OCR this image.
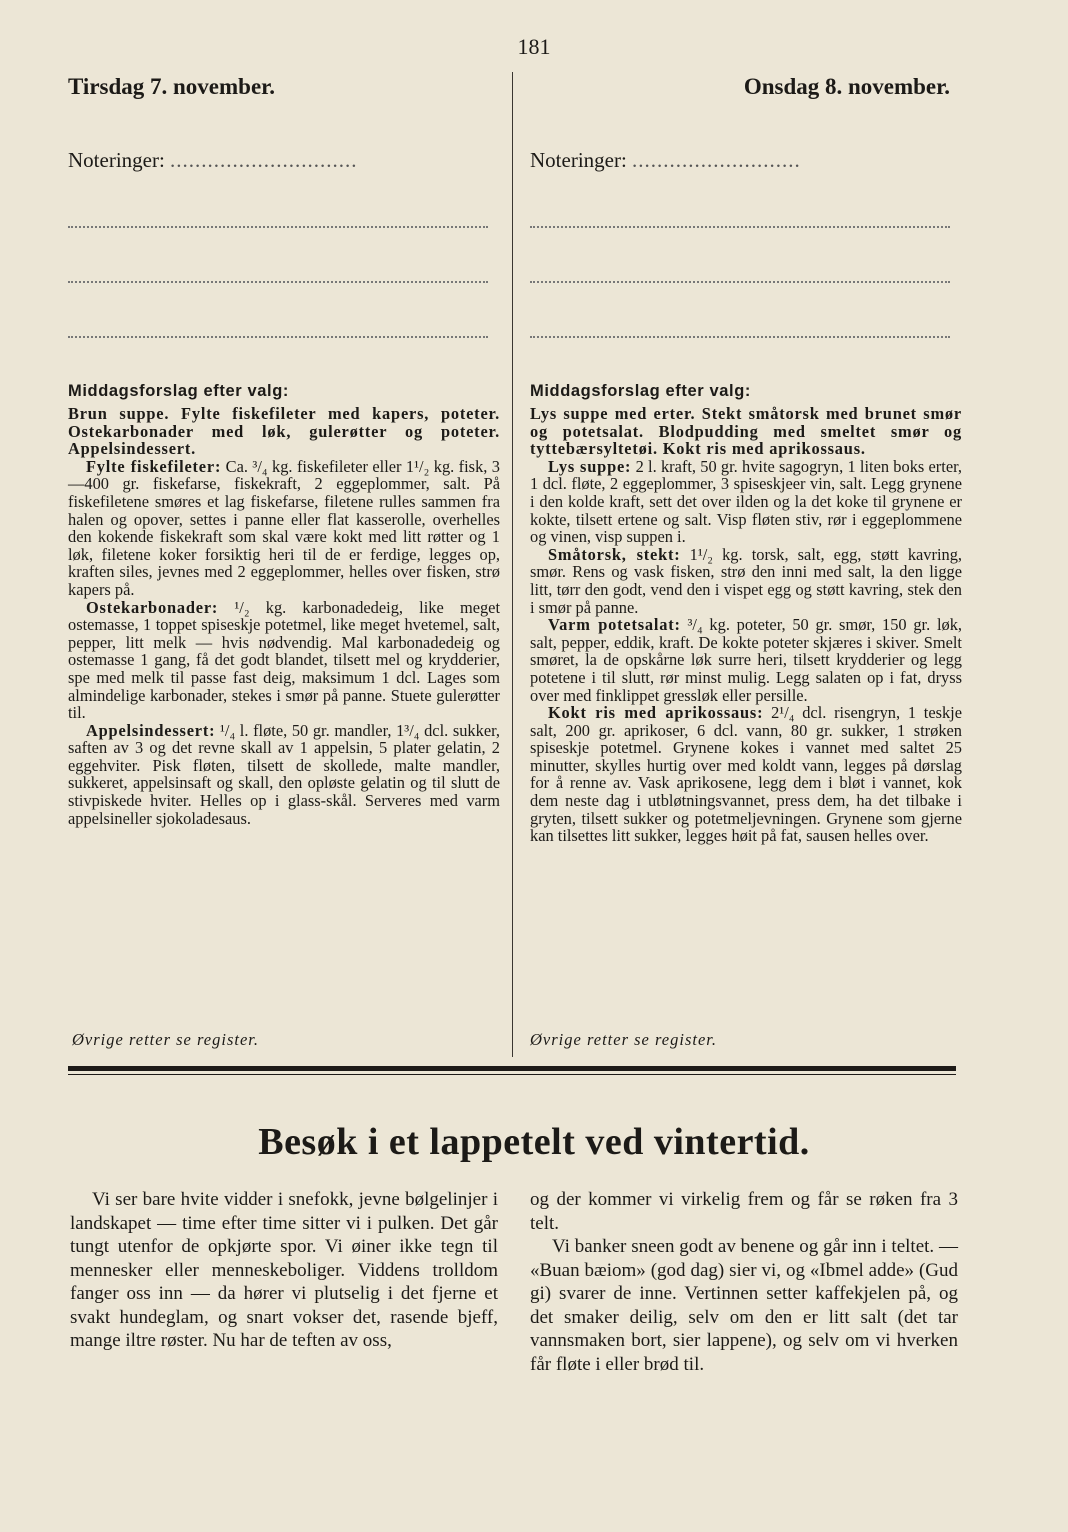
181
Tirsdag 7. november.
Noteringer: ..............................
Middagsforslag efter valg:

Brun suppe. Fylte fiskefileter med kapers, poteter. Ostekarbonader med løk, gulerøtter og poteter. Appelsindessert.

Fylte fiskefileter: Ca. ³/₄ kg. fiskefileter eller 1¹/₂ kg. fisk, 3—400 gr. fiskefarse, fiskekraft, 2 eggeplommer, salt. På fiskefiletene smøres et lag fiskefarse, filetene rulles sammen fra halen og opover, settes i panne eller flat kasserolle, overhelles den kokende fiskekraft som skal være kokt med litt røtter og 1 løk, filetene koker forsiktig heri til de er ferdige, legges op, kraften siles, jevnes med 2 eggeplommer, helles over fisken, strø kapers på.

Ostekarbonader: ¹/₂ kg. karbonadedeig, like meget ostemasse, 1 toppet spiseskje potetmel, like meget hvetemel, salt, pepper, litt melk — hvis nødvendig. Mal karbonadedeig og ostemasse 1 gang, få det godt blandet, tilsett mel og krydderier, spe med melk til passe fast deig, maksimum 1 dcl. Lages som almindelige karbonader, stekes i smør på panne. Stuete gulerøtter til.

Appelsindessert: ¹/₄ l. fløte, 50 gr. mandler, 1³/₄ dcl. sukker, saften av 3 og det revne skall av 1 appelsin, 5 plater gelatin, 2 eggehviter. Pisk fløten, tilsett de skollede, malte mandler, sukkeret, appelsinsaft og skall, den opløste gelatin og til slutt de stivpiskede hviter. Helles op i glass-skål. Serveres med varm appelsineller sjokoladesaus.

Øvrige retter se register.
Onsdag 8. november.
Noteringer: ...........................
Middagsforslag efter valg:

Lys suppe med erter. Stekt småtorsk med brunet smør og potetsalat. Blodpudding med smeltet smør og tyttebærsyltetøi. Kokt ris med aprikossaus.

Lys suppe: 2 l. kraft, 50 gr. hvite sagogryn, 1 liten boks erter, 1 dcl. fløte, 2 eggeplommer, 3 spiseskjeer vin, salt. Legg grynene i den kolde kraft, sett det over ilden og la det koke til grynene er kokte, tilsett ertene og salt. Visp fløten stiv, rør i eggeplommene og vinen, visp suppen i.

Småtorsk, stekt: 1¹/₂ kg. torsk, salt, egg, støtt kavring, smør. Rens og vask fisken, strø den inni med salt, la den ligge litt, tørr den godt, vend den i vispet egg og støtt kavring, stek den i smør på panne.

Varm potetsalat: ³/₄ kg. poteter, 50 gr. smør, 150 gr. løk, salt, pepper, eddik, kraft. De kokte poteter skjæres i skiver. Smelt smøret, la de opskårne løk surre heri, tilsett krydderier og legg potetene i til slutt, rør minst mulig. Legg salaten op i fat, dryss over med finklippet gressløk eller persille.

Kokt ris med aprikossaus: 2¹/₄ dcl. risengryn, 1 teskje salt, 200 gr. aprikoser, 6 dcl. vann, 80 gr. sukker, 1 strøken spiseskje potetmel. Grynene kokes i vannet med saltet 25 minutter, skylles hurtig over med koldt vann, legges på dørslag for å renne av. Vask aprikosene, legg dem i bløt i vannet, kok dem neste dag i utbløtningsvannet, press dem, ha det tilbake i gryten, tilsett sukker og potetmeljevningen. Grynene som gjerne kan tilsettes litt sukker, legges høit på fat, sausen helles over.

Øvrige retter se register.
Besøk i et lappetelt ved vintertid.

Vi ser bare hvite vidder i snefokk, jevne bølgelinjer i landskapet — time efter time sitter vi i pulken. Det går tungt utenfor de opkjørte spor. Vi øiner ikke tegn til mennesker eller menneskeboliger. Viddens trolldom fanger oss inn — da hører vi plutselig i det fjerne et svakt hundeglam, og snart vokser det, rasende bjeff, mange iltre røster. Nu har de teften av oss,

og der kommer vi virkelig frem og får se røken fra 3 telt.

Vi banker sneen godt av benene og går inn i teltet. — «Buan bæiom» (god dag) sier vi, og «Ibmel adde» (Gud gi) svarer de inne. Vertinnen setter kaffekjelen på, og det smaker deilig, selv om den er litt salt (det tar vannsmaken bort, sier lappene), og selv om vi hverken får fløte i eller brød til.
